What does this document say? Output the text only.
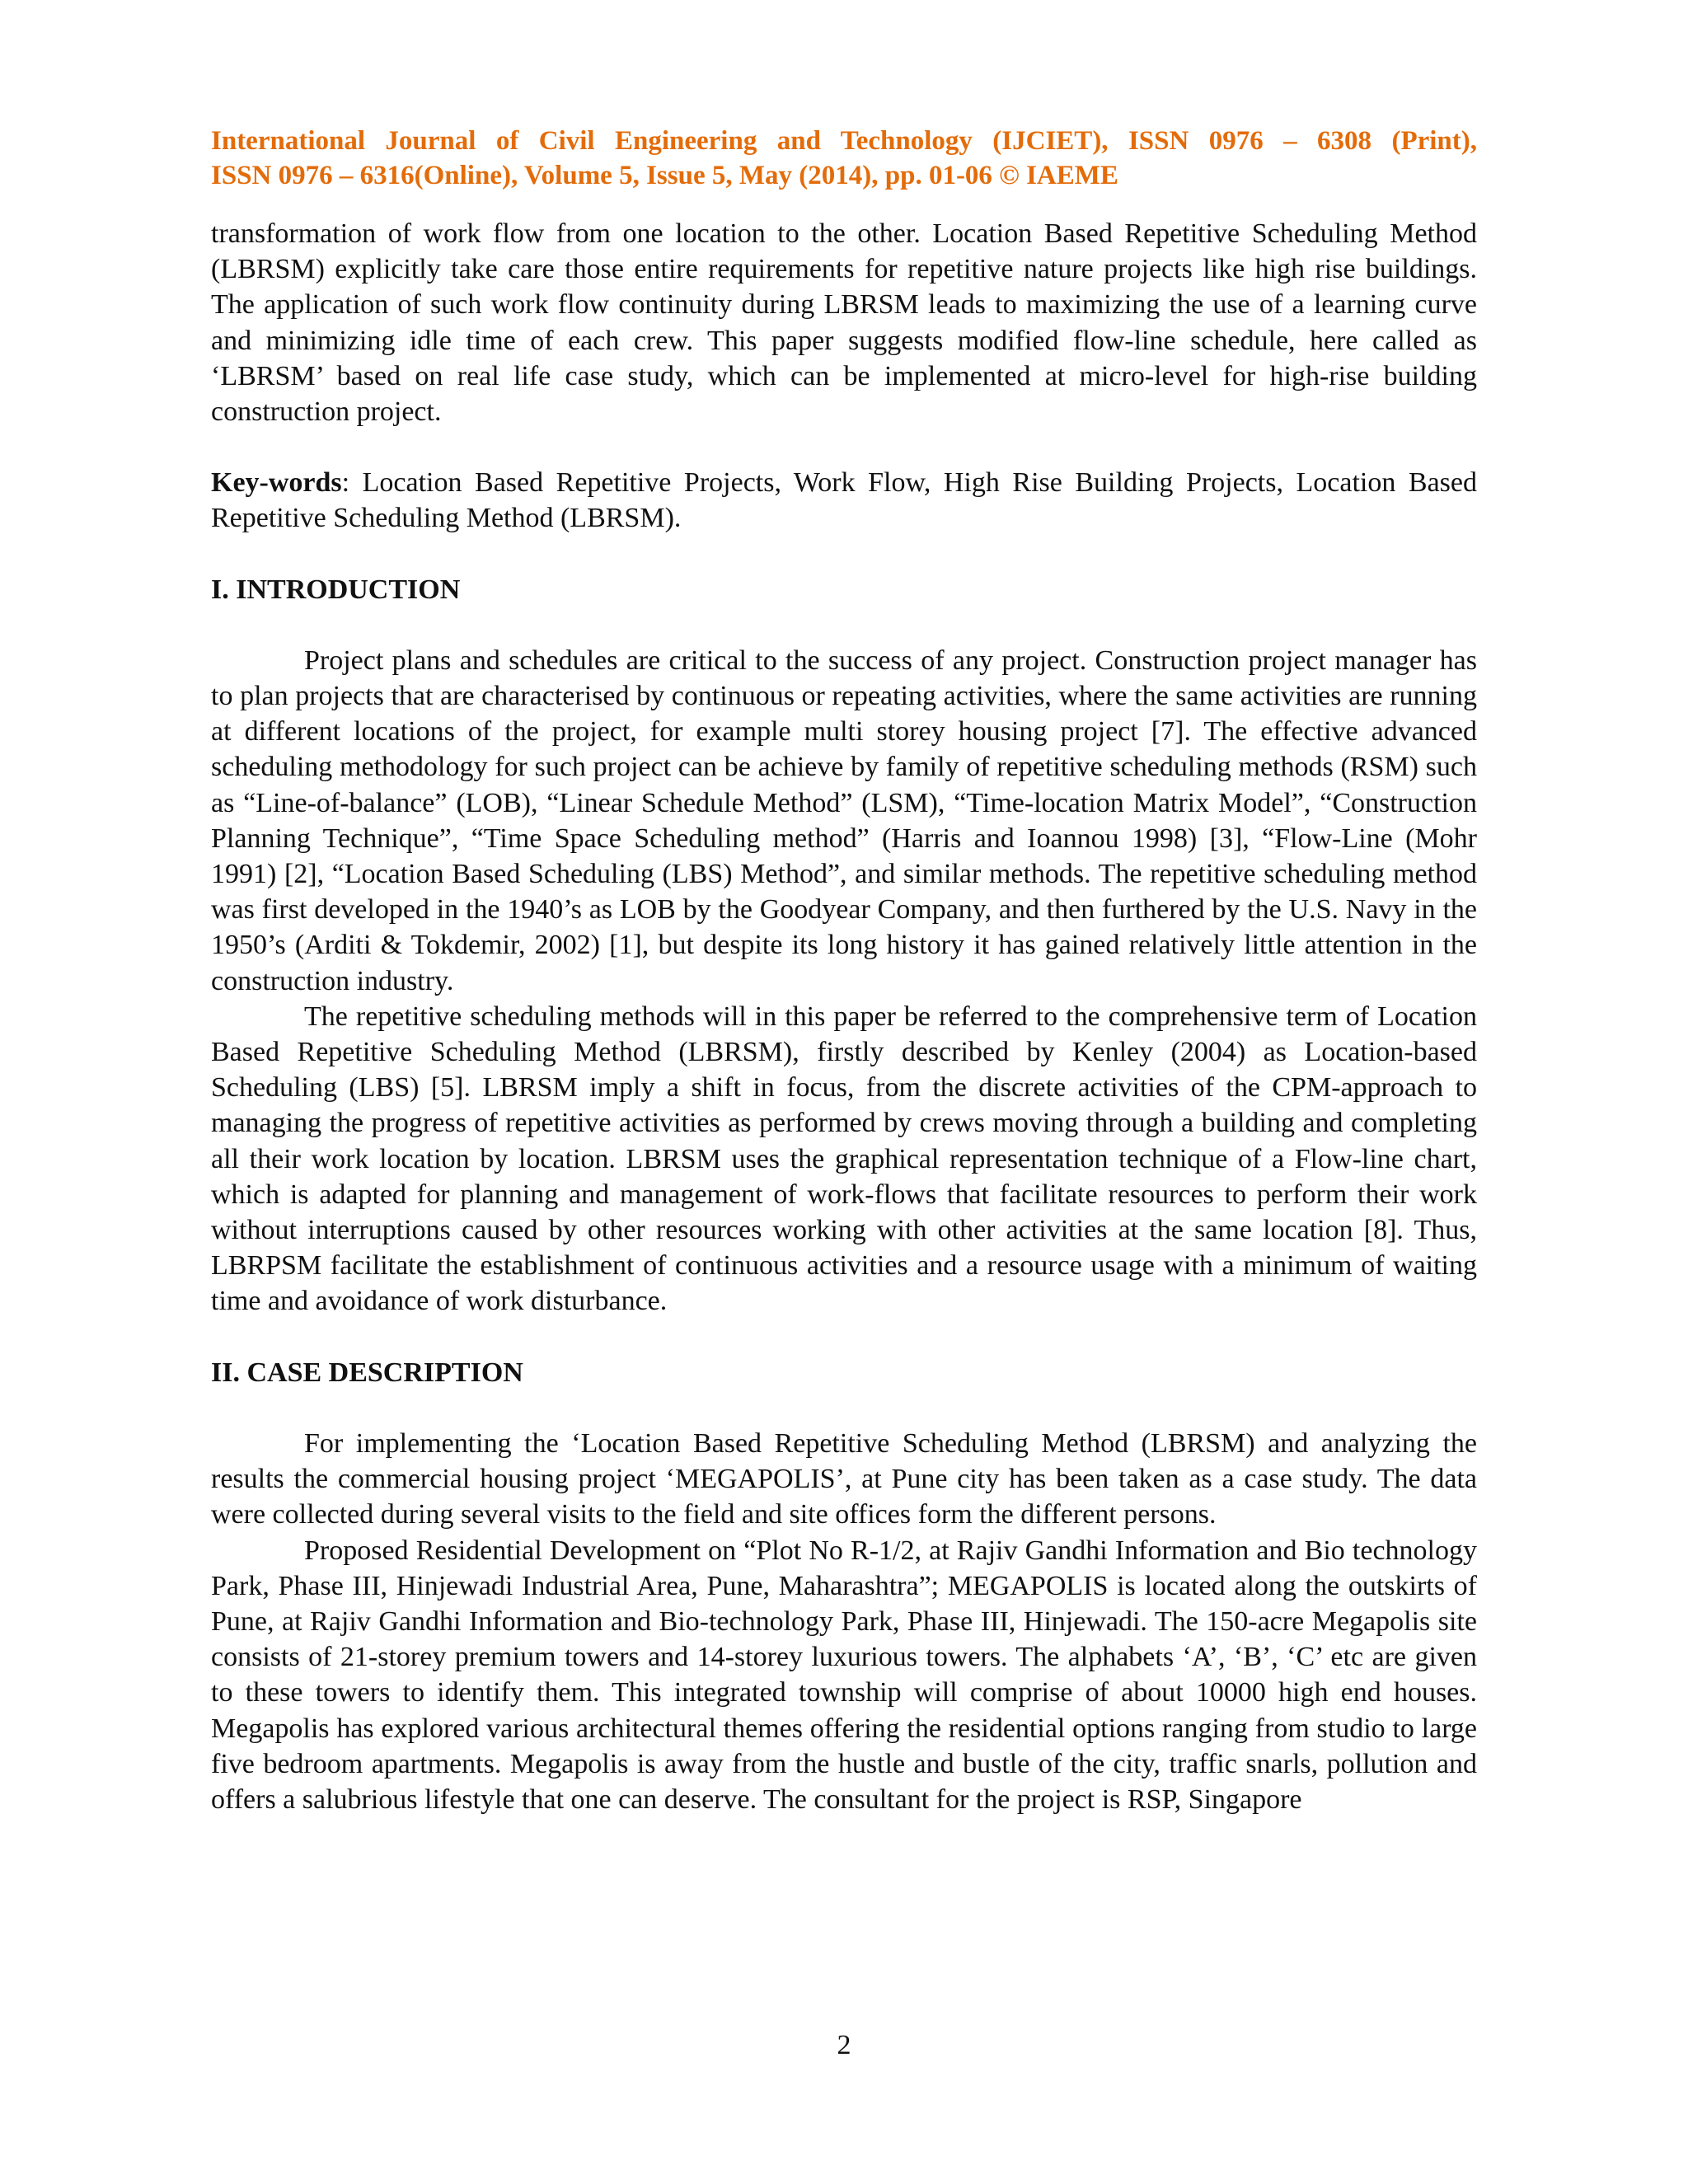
International Journal of Civil Engineering and Technology (IJCIET), ISSN 0976 – 6308 (Print),
ISSN 0976 – 6316(Online), Volume 5, Issue 5, May (2014), pp. 01-06 © IAEME

transformation of work flow from one location to the other. Location Based Repetitive Scheduling Method (LBRSM) explicitly take care those entire requirements for repetitive nature projects like high rise buildings. The application of such work flow continuity during LBRSM leads to maximizing the use of a learning curve and minimizing idle time of each crew. This paper suggests modified flow-line schedule, here called as ‘LBRSM’ based on real life case study, which can be implemented at micro-level for high-rise building construction project.

Key-words: Location Based Repetitive Projects, Work Flow, High Rise Building Projects, Location Based Repetitive Scheduling Method (LBRSM).

I. INTRODUCTION

Project plans and schedules are critical to the success of any project. Construction project manager has to plan projects that are characterised by continuous or repeating activities, where the same activities are running at different locations of the project, for example multi storey housing project [7]. The effective advanced scheduling methodology for such project can be achieve by family of repetitive scheduling methods (RSM) such as “Line-of-balance” (LOB), “Linear Schedule Method” (LSM), “Time-location Matrix Model”, “Construction Planning Technique”, “Time Space Scheduling method” (Harris and Ioannou 1998) [3], “Flow-Line (Mohr 1991) [2], “Location Based Scheduling (LBS) Method”, and similar methods. The repetitive scheduling method was first developed in the 1940’s as LOB by the Goodyear Company, and then furthered by the U.S. Navy in the 1950’s (Arditi & Tokdemir, 2002) [1], but despite its long history it has gained relatively little attention in the construction industry.

The repetitive scheduling methods will in this paper be referred to the comprehensive term of Location Based Repetitive Scheduling Method (LBRSM), firstly described by Kenley (2004) as Location-based Scheduling (LBS) [5]. LBRSM imply a shift in focus, from the discrete activities of the CPM-approach to managing the progress of repetitive activities as performed by crews moving through a building and completing all their work location by location. LBRSM uses the graphical representation technique of a Flow-line chart, which is adapted for planning and management of work-flows that facilitate resources to perform their work without interruptions caused by other resources working with other activities at the same location [8]. Thus, LBRPSM facilitate the establishment of continuous activities and a resource usage with a minimum of waiting time and avoidance of work disturbance.

II. CASE DESCRIPTION

For implementing the ‘Location Based Repetitive Scheduling Method (LBRSM) and analyzing the results the commercial housing project ‘MEGAPOLIS’, at Pune city has been taken as a case study. The data were collected during several visits to the field and site offices form the different persons.

Proposed Residential Development on “Plot No R-1/2, at Rajiv Gandhi Information and Bio technology Park, Phase III, Hinjewadi Industrial Area, Pune, Maharashtra”; MEGAPOLIS is located along the outskirts of Pune, at Rajiv Gandhi Information and Bio-technology Park, Phase III, Hinjewadi. The 150-acre Megapolis site consists of 21-storey premium towers and 14-storey luxurious towers. The alphabets ‘A’, ‘B’, ‘C’ etc are given to these towers to identify them. This integrated township will comprise of about 10000 high end houses. Megapolis has explored various architectural themes offering the residential options ranging from studio to large five bedroom apartments. Megapolis is away from the hustle and bustle of the city, traffic snarls, pollution and offers a salubrious lifestyle that one can deserve. The consultant for the project is RSP, Singapore

2
